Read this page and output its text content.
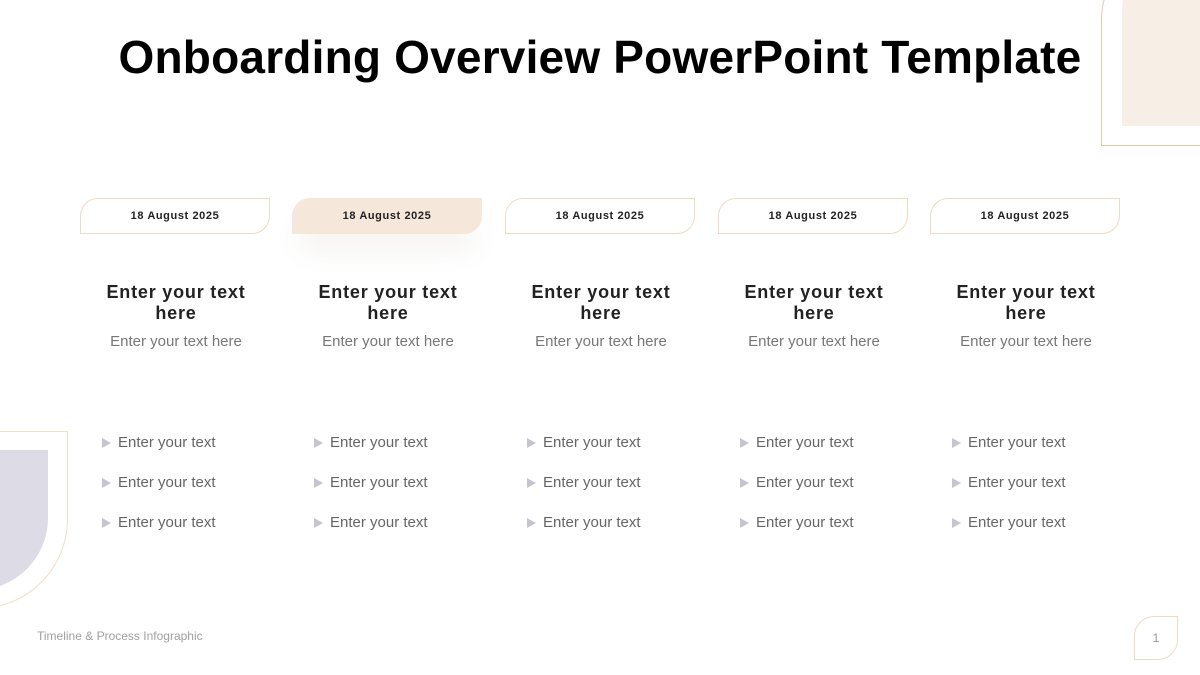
Onboarding Overview PowerPoint Template
18 August 2025
Enter your text here
Enter your text here
Enter your text
Enter your text
Enter your text
18 August 2025
Enter your text here
Enter your text here
Enter your text
Enter your text
Enter your text
18 August 2025
Enter your text here
Enter your text here
Enter your text
Enter your text
Enter your text
18 August 2025
Enter your text here
Enter your text here
Enter your text
Enter your text
Enter your text
18 August 2025
Enter your text here
Enter your text here
Enter your text
Enter your text
Enter your text
Timeline & Process Infographic	1
